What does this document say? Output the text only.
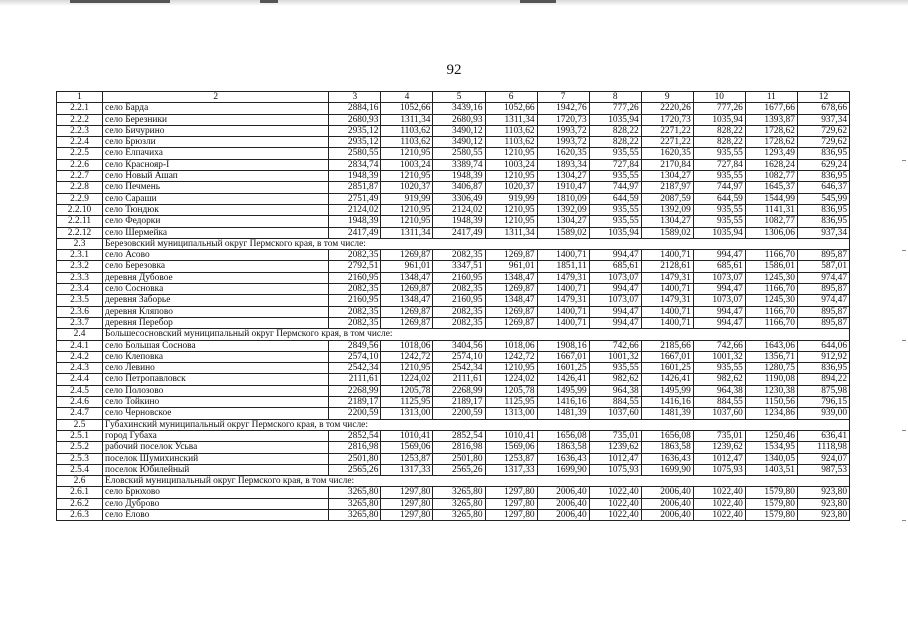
92
1	2	3	4	5	6	7	8	9	10	11	12
2.2.1	село Барда	2884,16	1052,66	3439,16	1052,66	1942,76	777,26	2220,26	777,26	1677,66	678,66
2.2.2	село Березники	2680,93	1311,34	2680,93	1311,34	1720,73	1035,94	1720,73	1035,94	1393,87	937,34
2.2.3	село Бичурино	2935,12	1103,62	3490,12	1103,62	1993,72	828,22	2271,22	828,22	1728,62	729,62
2.2.4	село Брюзли	2935,12	1103,62	3490,12	1103,62	1993,72	828,22	2271,22	828,22	1728,62	729,62
2.2.5	село Елпачиха	2580,55	1210,95	2580,55	1210,95	1620,35	935,55	1620,35	935,55	1293,49	836,95
2.2.6	село Краснояр-I	2834,74	1003,24	3389,74	1003,24	1893,34	727,84	2170,84	727,84	1628,24	629,24
2.2.7	село Новый Ашап	1948,39	1210,95	1948,39	1210,95	1304,27	935,55	1304,27	935,55	1082,77	836,95
2.2.8	село Печмень	2851,87	1020,37	3406,87	1020,37	1910,47	744,97	2187,97	744,97	1645,37	646,37
2.2.9	село Сараши	2751,49	919,99	3306,49	919,99	1810,09	644,59	2087,59	644,59	1544,99	545,99
2.2.10	село Тюндюк	2124,02	1210,95	2124,02	1210,95	1392,09	935,55	1392,09	935,55	1141,31	836,95
2.2.11	село Федорки	1948,39	1210,95	1948,39	1210,95	1304,27	935,55	1304,27	935,55	1082,77	836,95
2.2.12	село Шермейка	2417,49	1311,34	2417,49	1311,34	1589,02	1035,94	1589,02	1035,94	1306,06	937,34
2.3	Березовский муниципальный округ Пермского края, в том числе:										
2.3.1	село Асово	2082,35	1269,87	2082,35	1269,87	1400,71	994,47	1400,71	994,47	1166,70	895,87
2.3.2	село Березовка	2792,51	961,01	3347,51	961,01	1851,11	685,61	2128,61	685,61	1586,01	587,01
2.3.3	деревня Дубовое	2160,95	1348,47	2160,95	1348,47	1479,31	1073,07	1479,31	1073,07	1245,30	974,47
2.3.4	село Сосновка	2082,35	1269,87	2082,35	1269,87	1400,71	994,47	1400,71	994,47	1166,70	895,87
2.3.5	деревня Заборье	2160,95	1348,47	2160,95	1348,47	1479,31	1073,07	1479,31	1073,07	1245,30	974,47
2.3.6	деревня Кляпово	2082,35	1269,87	2082,35	1269,87	1400,71	994,47	1400,71	994,47	1166,70	895,87
2.3.7	деревня Перебор	2082,35	1269,87	2082,35	1269,87	1400,71	994,47	1400,71	994,47	1166,70	895,87
2.4	Большесосновский муниципальный округ Пермского края, в том числе:										
2.4.1	село Большая Соснова	2849,56	1018,06	3404,56	1018,06	1908,16	742,66	2185,66	742,66	1643,06	644,06
2.4.2	село Клеповка	2574,10	1242,72	2574,10	1242,72	1667,01	1001,32	1667,01	1001,32	1356,71	912,92
2.4.3	село Левино	2542,34	1210,95	2542,34	1210,95	1601,25	935,55	1601,25	935,55	1280,75	836,95
2.4.4	село Петропавловск	2111,61	1224,02	2111,61	1224,02	1426,41	982,62	1426,41	982,62	1190,08	894,22
2.4.5	село Полозово	2268,99	1205,78	2268,99	1205,78	1495,99	964,38	1495,99	964,38	1230,38	875,98
2.4.6	село Тойкино	2189,17	1125,95	2189,17	1125,95	1416,16	884,55	1416,16	884,55	1150,56	796,15
2.4.7	село Черновское	2200,59	1313,00	2200,59	1313,00	1481,39	1037,60	1481,39	1037,60	1234,86	939,00
2.5	Губахинский муниципальный округ Пермского края, в том числе:										
2.5.1	город Губаха	2852,54	1010,41	2852,54	1010,41	1656,08	735,01	1656,08	735,01	1250,46	636,41
2.5.2	рабочий поселок Усьва	2816,98	1569,06	2816,98	1569,06	1863,58	1239,62	1863,58	1239,62	1534,95	1118,98
2.5.3	поселок Шумихинский	2501,80	1253,87	2501,80	1253,87	1636,43	1012,47	1636,43	1012,47	1340,05	924,07
2.5.4	поселок Юбилейный	2565,26	1317,33	2565,26	1317,33	1699,90	1075,93	1699,90	1075,93	1403,51	987,53
2.6	Еловский муниципальный округ Пермского края, в том числе:										
2.6.1	село Брюхово	3265,80	1297,80	3265,80	1297,80	2006,40	1022,40	2006,40	1022,40	1579,80	923,80
2.6.2	село Дуброво	3265,80	1297,80	3265,80	1297,80	2006,40	1022,40	2006,40	1022,40	1579,80	923,80
2.6.3	село Елово	3265,80	1297,80	3265,80	1297,80	2006,40	1022,40	2006,40	1022,40	1579,80	923,80
